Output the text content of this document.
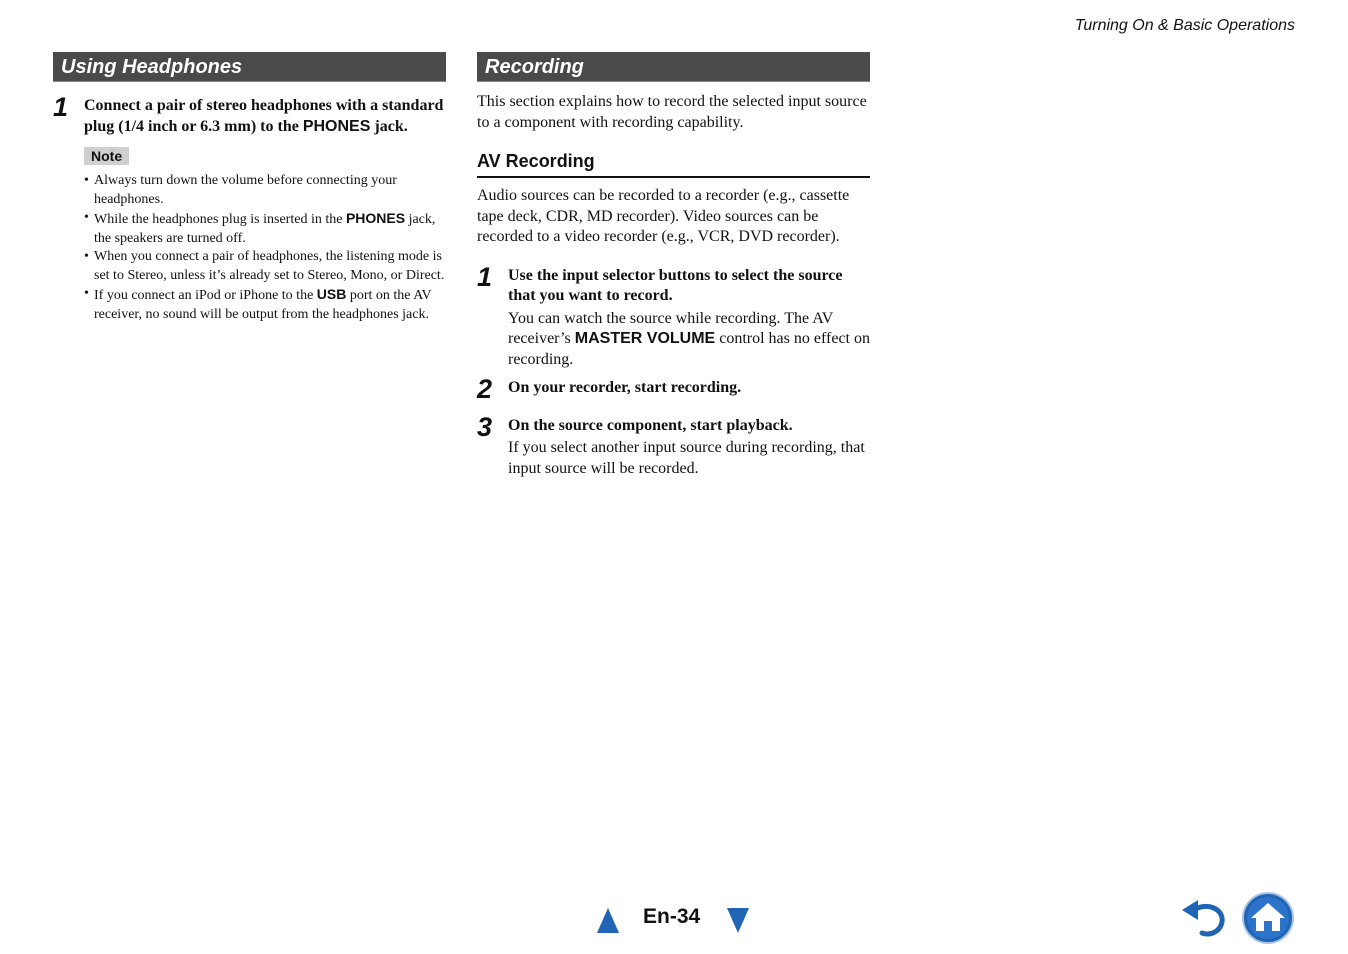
Turning On & Basic Operations
Using Headphones
1 Connect a pair of stereo headphones with a standard plug (1/4 inch or 6.3 mm) to the PHONES jack.
Note
• Always turn down the volume before connecting your headphones.
• While the headphones plug is inserted in the PHONES jack, the speakers are turned off.
• When you connect a pair of headphones, the listening mode is set to Stereo, unless it’s already set to Stereo, Mono, or Direct.
• If you connect an iPod or iPhone to the USB port on the AV receiver, no sound will be output from the headphones jack.
Recording
This section explains how to record the selected input source to a component with recording capability.
AV Recording
Audio sources can be recorded to a recorder (e.g., cassette tape deck, CDR, MD recorder). Video sources can be recorded to a video recorder (e.g., VCR, DVD recorder).
1 Use the input selector buttons to select the source that you want to record.
You can watch the source while recording. The AV receiver’s MASTER VOLUME control has no effect on recording.
2 On your recorder, start recording.
3 On the source component, start playback.
If you select another input source during recording, that input source will be recorded.
En-34
